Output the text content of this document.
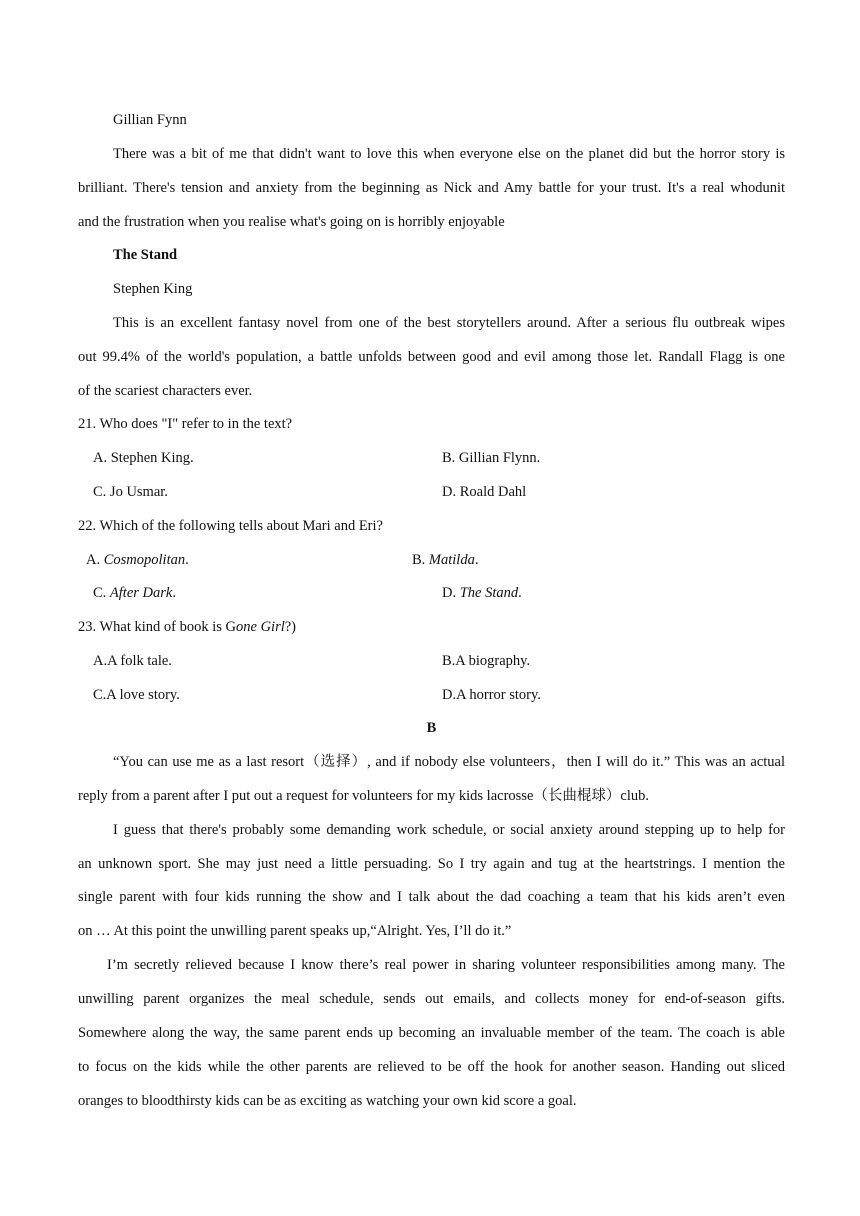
Gillian Fynn
There was a bit of me that didn't want to love this when everyone else on the planet did but the horror story is
brilliant. There's tension and anxiety from the beginning as Nick and Amy battle for your trust. It's a real whodunit
and the frustration when you realise what's going on is horribly enjoyable
The Stand
Stephen King
This is an excellent fantasy novel from one of the best storytellers around. After a serious flu outbreak wipes
out 99.4% of the world's population, a battle unfolds between good and evil among those let. Randall Flagg is one
of the scariest characters ever.
21. Who does "I" refer to in the text?
A. Stephen King.	B. Gillian Flynn.
C. Jo Usmar.	D. Roald Dahl
22. Which of the following tells about Mari and Eri?
A. Cosmopolitan.	B. Matilda.
C. After Dark.	D. The Stand.
23. What kind of book is Gone Girl?)
A.A folk tale.	B.A biography.
C.A love story.	D.A horror story.
B
“You can use me as a last resort（选择）, and if nobody else volunteers，then I will do it.” This was an actual
reply from a parent after I put out a request for volunteers for my kids lacrosse（长曲棍球）club.
I guess that there's probably some demanding work schedule, or social anxiety around stepping up to help for
an unknown sport. She may just need a little persuading. So I try again and tug at the heartstrings. I mention the
single parent with four kids running the show and I talk about the dad coaching a team that his kids aren’t even
on … At this point the unwilling parent speaks up,“Alright. Yes, I’ll do it.”
I’m secretly relieved because I know there’s real power in sharing volunteer responsibilities among many. The
unwilling parent organizes the meal schedule, sends out emails, and collects money for end-of-season gifts.
Somewhere along the way, the same parent ends up becoming an invaluable member of the team. The coach is able
to focus on the kids while the other parents are relieved to be off the hook for another season. Handing out sliced
oranges to bloodthirsty kids can be as exciting as watching your own kid score a goal.
